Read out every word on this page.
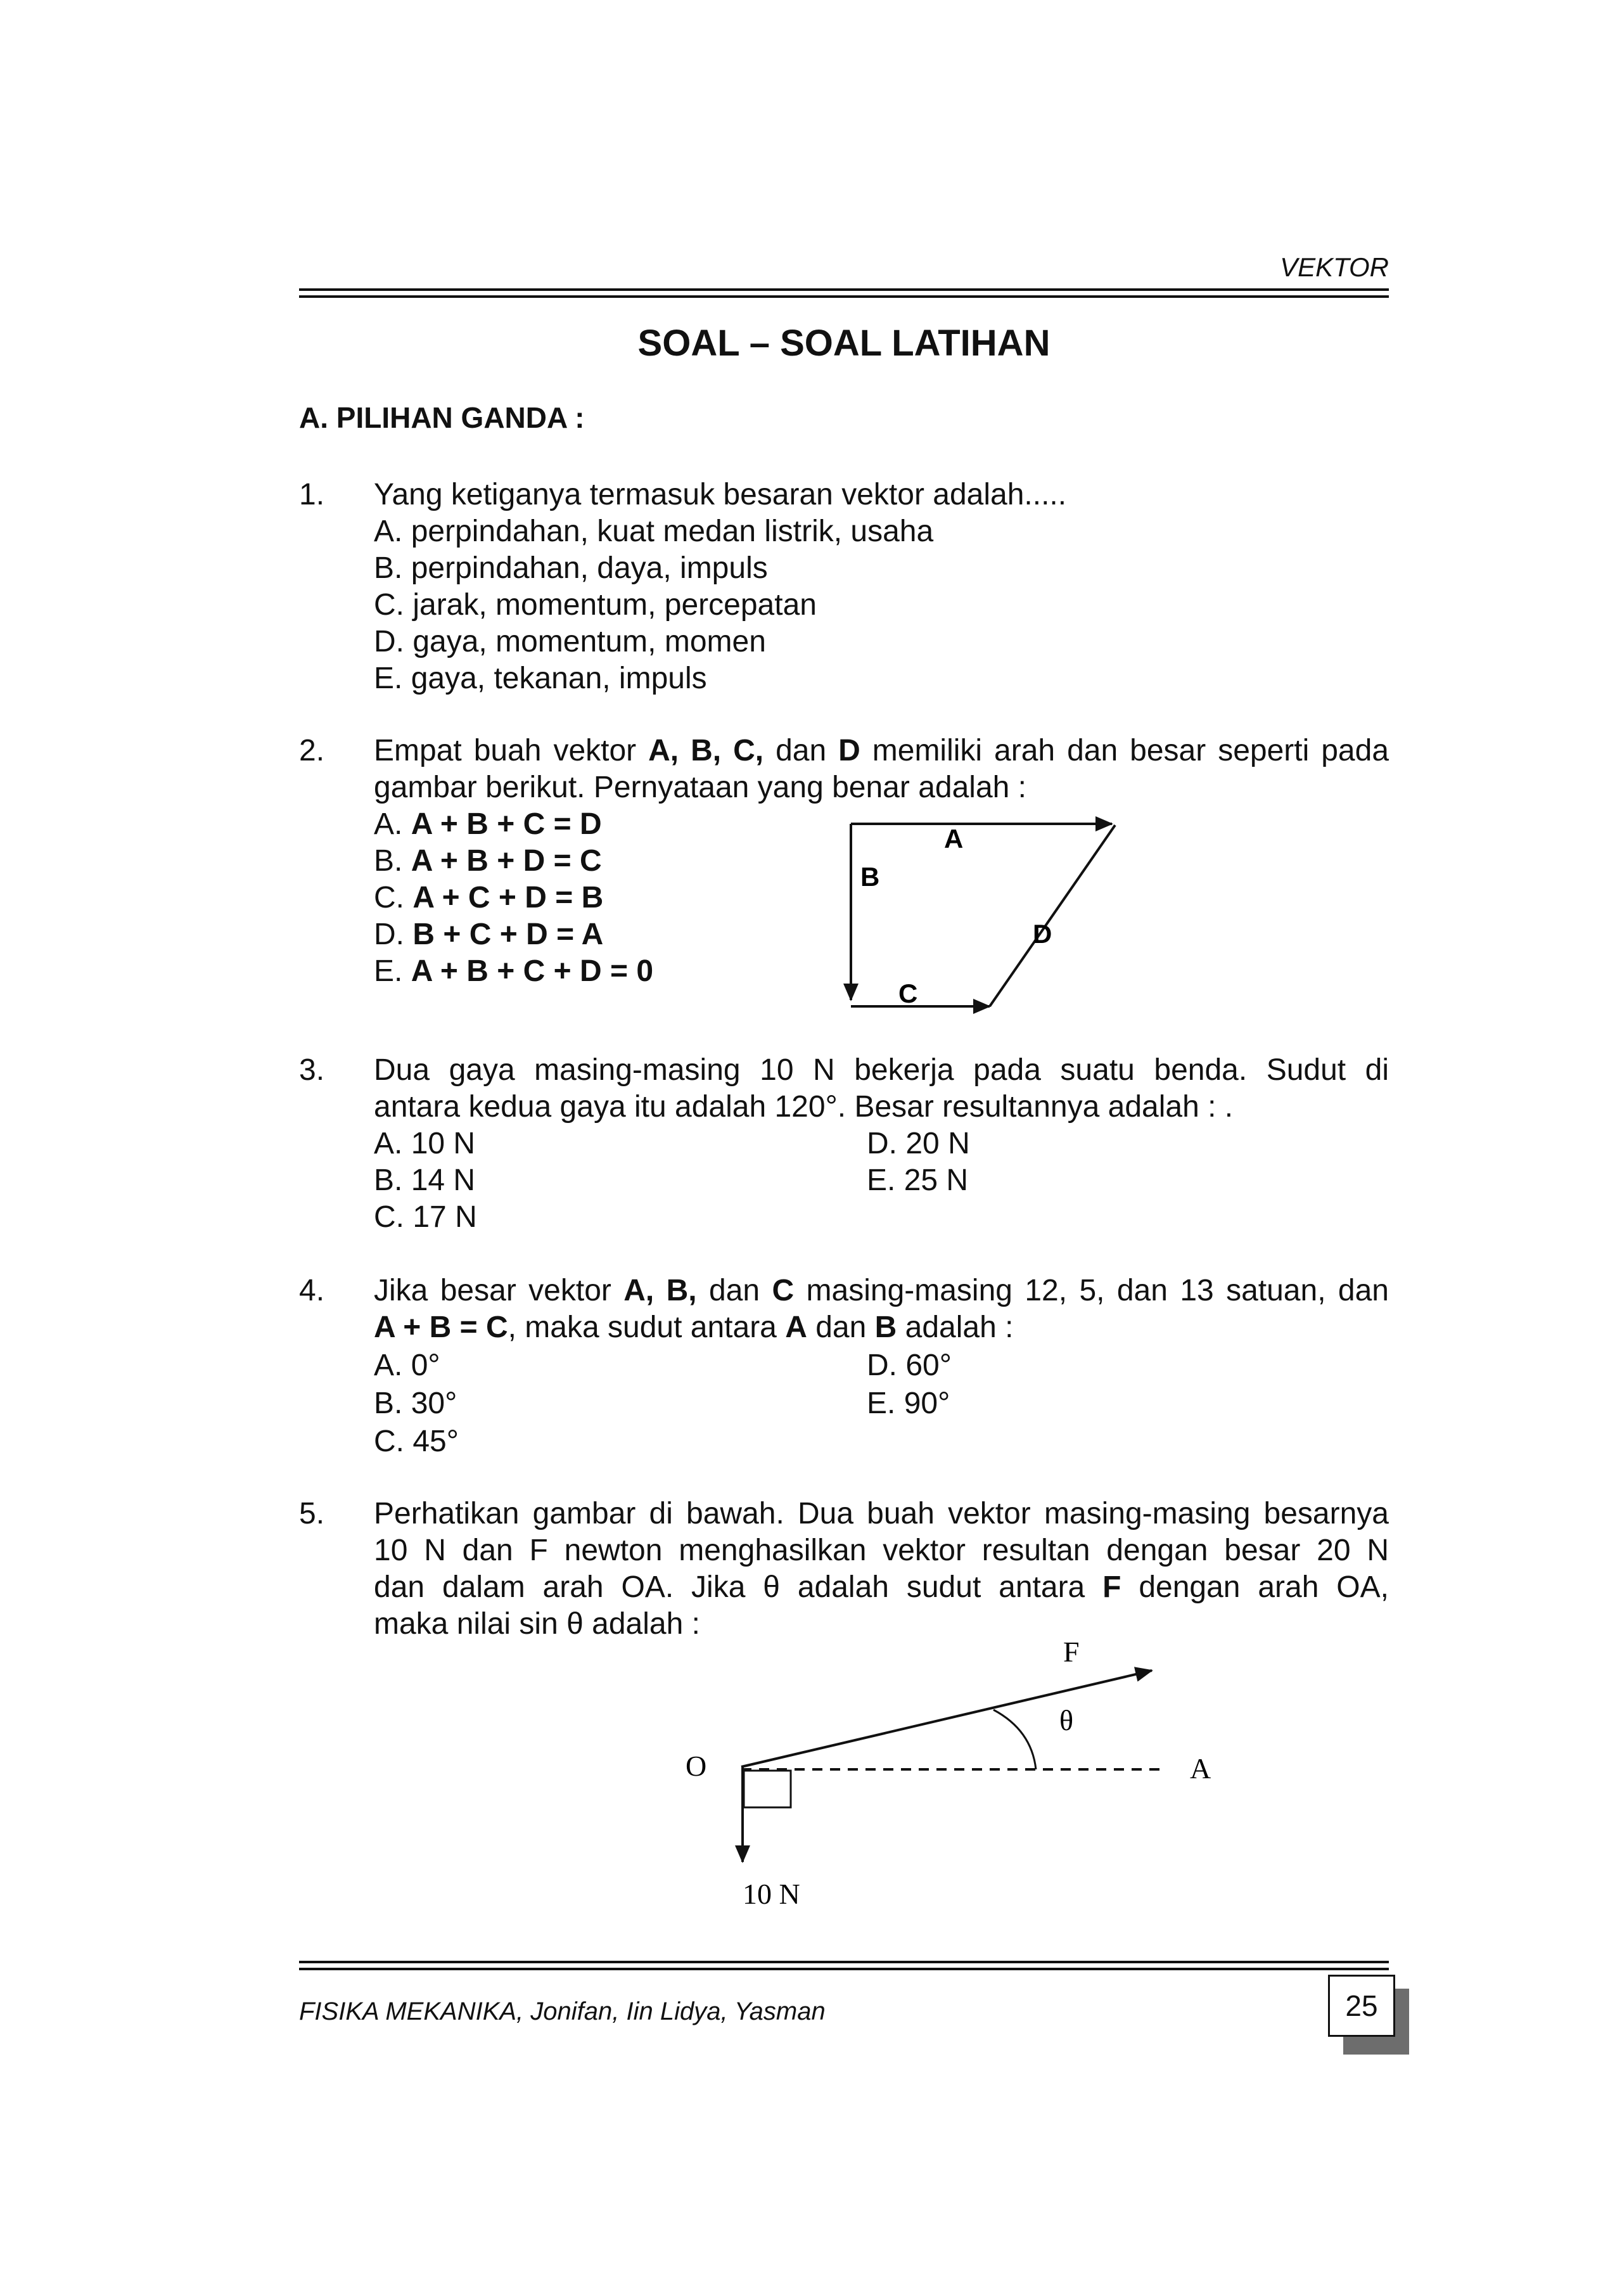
VEKTOR
SOAL – SOAL LATIHAN
A. PILIHAN GANDA :
1. Yang ketiganya termasuk besaran vektor adalah.....
A. perpindahan, kuat medan listrik, usaha
B. perpindahan, daya, impuls
C. jarak, momentum, percepatan
D. gaya, momentum, momen
E. gaya, tekanan, impuls
2. Empat buah vektor A, B, C, dan D memiliki arah dan besar seperti pada
gambar berikut. Pernyataan yang benar adalah :
A. A + B + C = D
B. A + B + D = C
C. A + C + D = B
D. B + C + D = A
E. A + B + C + D = 0
A
B
D
C
3. Dua gaya masing-masing 10 N bekerja pada suatu benda. Sudut di
antara kedua gaya itu adalah 120°. Besar resultannya adalah : .
A. 10 N	D. 20 N
B. 14 N	E. 25 N
C. 17 N
4. Jika besar vektor A, B, dan C masing-masing 12, 5, dan 13 satuan, dan
A + B = C, maka sudut antara A dan B adalah :
A. 0°	D. 60°
B. 30°	E. 90°
C. 45°
5. Perhatikan gambar di bawah. Dua buah vektor masing-masing besarnya
10 N dan F newton menghasilkan vektor resultan dengan besar 20 N
dan dalam arah OA. Jika θ adalah sudut antara F dengan arah OA,
maka nilai sin θ adalah :
F
θ
O	A
10 N
FISIKA MEKANIKA, Jonifan, Iin Lidya, Yasman	25
